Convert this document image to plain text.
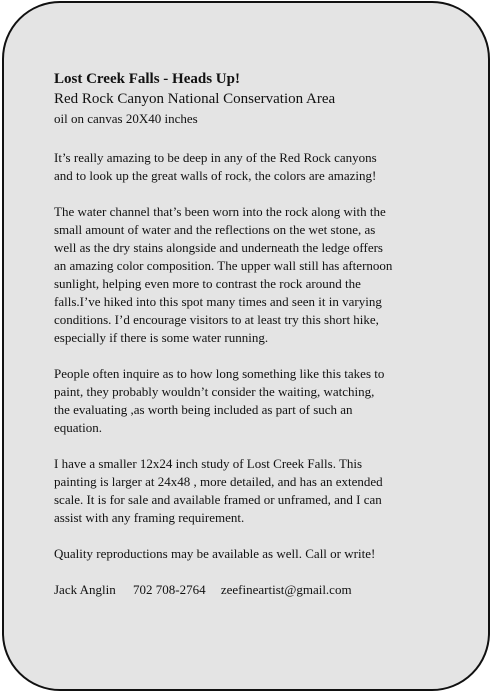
Lost Creek Falls - Heads Up!

Red Rock Canyon National Conservation Area

oil on canvas 20X40 inches

It’s really amazing to be deep in any of the Red Rock canyons
and to look up the great walls of rock, the colors are amazing!

The water channel that’s been worn into the rock along with the
small amount of water and the reflections on the wet stone, as
well as the dry stains alongside and underneath the ledge offers
an amazing color composition. The upper wall still has afternoon
sunlight, helping even more to contrast the rock around the
falls.I’ve hiked into this spot many times and seen it in varying
conditions. I’d encourage visitors to at least try this short hike,
especially if there is some water running.

People often inquire as to how long something like this takes to
paint, they probably wouldn’t consider the waiting, watching,
the evaluating ,as worth being included as part of such an
equation.

I have a smaller 12x24 inch study of Lost Creek Falls. This
painting is larger at 24x48 , more detailed, and has an extended
scale. It is for sale and available framed or unframed, and I can
assist with any framing requirement.

Quality reproductions may be available as well. Call or write!

Jack Anglin 702 708-2764 zeefineartist@gmail.com
